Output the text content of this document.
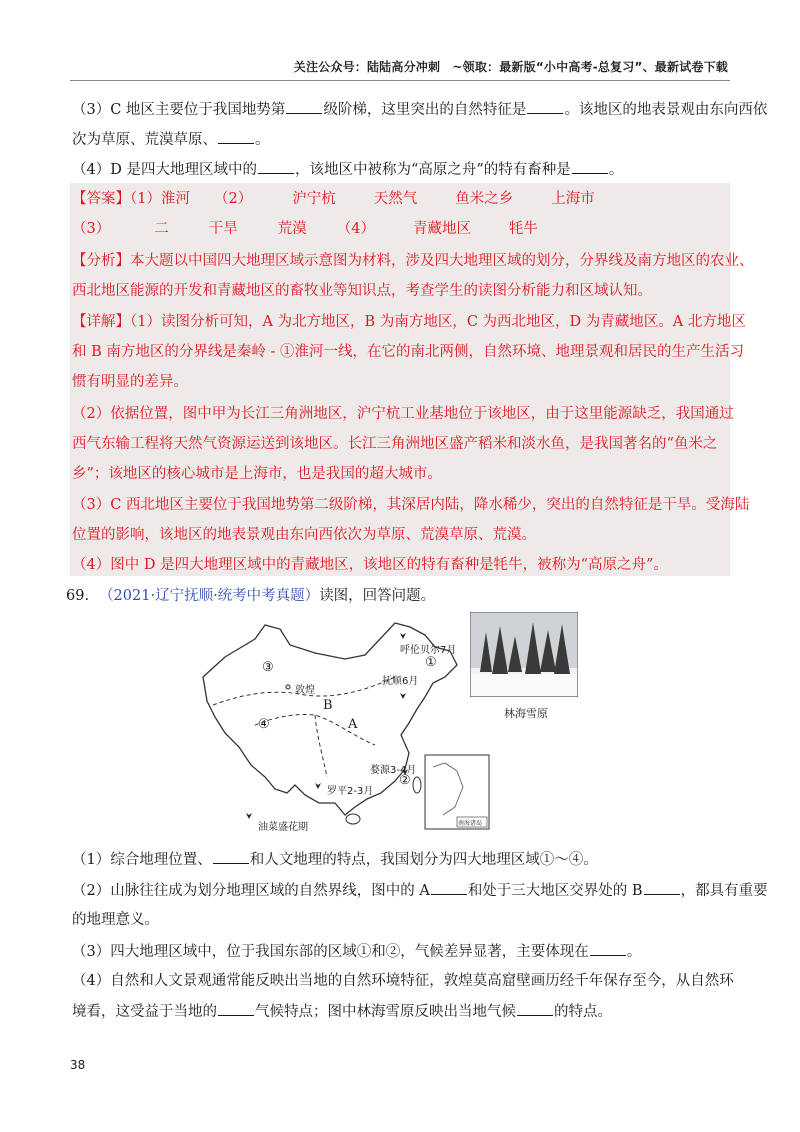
关注公众号：陆陆高分冲刺　~领取：最新版“小中高考-总复习”、最新试卷下载
（3）C 地区主要位于我国地势第	级阶梯，这里突出的自然特征是	。该地区的地表景观由东向西依
次为草原、荒漠草原、	。
（4）D 是四大地理区域中的	，该地区中被称为“高原之舟”的特有畜种是	。
【答案】（1）淮河 （2）	沪宁杭	天然气	鱼米之乡	上海市
（3）	二	干旱	荒漠 （4）	青藏地区	牦牛
【分析】本大题以中国四大地理区域示意图为材料，涉及四大地理区域的划分，分界线及南方地区的农业、
西北地区能源的开发和青藏地区的畜牧业等知识点，考查学生的读图分析能力和区域认知。
【详解】（1）读图分析可知，A 为北方地区，B 为南方地区，C 为西北地区，D 为青藏地区。A 北方地区
和 B 南方地区的分界线是秦岭 - ①淮河一线，在它的南北两侧，自然环境、地理景观和居民的生产生活习
惯有明显的差异。
（2）依据位置，图中甲为长江三角洲地区，沪宁杭工业基地位于该地区，由于这里能源缺乏，我国通过
西气东输工程将天然气资源运送到该地区。长江三角洲地区盛产稻米和淡水鱼，是我国著名的“鱼米之
乡”；该地区的核心城市是上海市，也是我国的超大城市。
（3）C 西北地区主要位于我国地势第二级阶梯，其深居内陆，降水稀少，突出的自然特征是干旱。受海陆
位置的影响，该地区的地表景观由东向西依次为草原、荒漠草原、荒漠。
（4）图中 D 是四大地理区域中的青藏地区，该地区的特有畜种是牦牛，被称为“高原之舟”。
69. （2021·辽宁抚顺·统考中考真题）读图，回答问题。
③
④
①
②
A
B
呼伦贝尔7月
抚顺6月
敦煌
婺源3-4月
罗平2-3月
油菜盛花期	南海诸岛
林海雪原
（1）综合地理位置、	和人文地理的特点，我国划分为四大地理区域①～④。
（2）山脉往往成为划分地理区域的自然界线，图中的 A	和处于三大地区交界处的 B	，都具有重要
的地理意义。
（3）四大地理区域中，位于我国东部的区域①和②，气候差异显著，主要体现在	。
（4）自然和人文景观通常能反映出当地的自然环境特征，敦煌莫高窟壁画历经千年保存至今，从自然环
境看，这受益于当地的	气候特点；图中林海雪原反映出当地气候	的特点。
38
